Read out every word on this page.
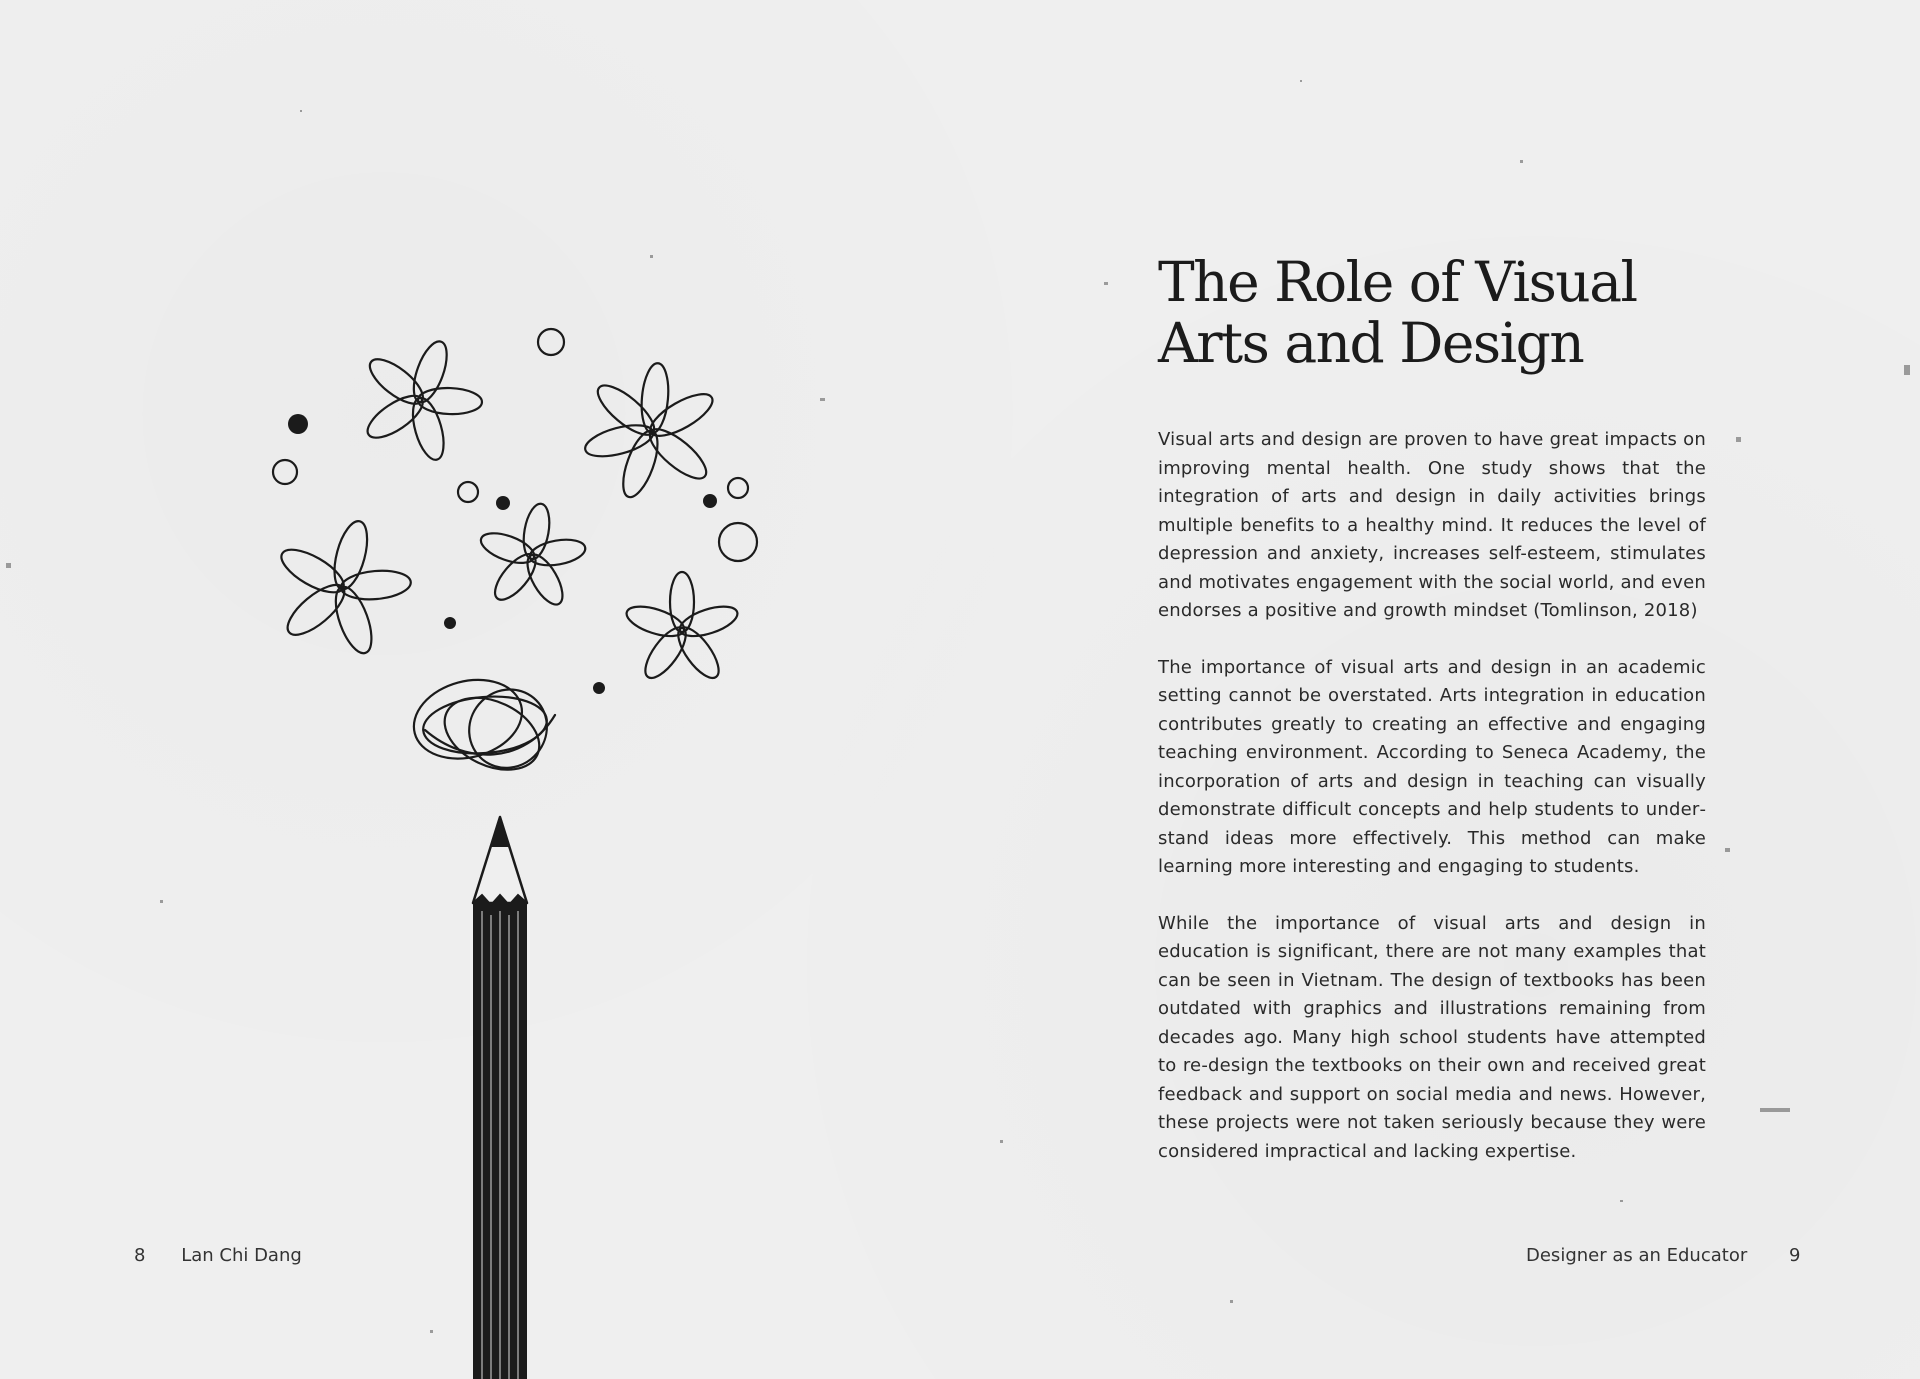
The Role of Visual Arts and Design

Visual arts and design are proven to have great impacts on improving mental health. One study shows that the integration of arts and design in daily activities brings multiple benefits to a healthy mind. It reduces the level of depression and anxiety, increases self-esteem, stimulates and motivates engagement with the social world, and even endorses a positive and growth mindset (Tomlinson, 2018)

The importance of visual arts and design in an academic setting cannot be overstated. Arts integration in education contributes greatly to creating an effective and engaging teaching environment. According to Seneca Academy, the incorporation of arts and design in teaching can visually demonstrate difficult concepts and help students to understand ideas more effectively. This method can make learning more interesting and engaging to students.

While the importance of visual arts and design in education is significant, there are not many examples that can be seen in Vietnam. The design of textbooks has been outdated with graphics and illustrations remaining from decades ago. Many high school students have attempted to re-design the textbooks on their own and received great feedback and support on social media and news. However, these projects were not taken seriously because they were considered impractical and lacking expertise.

8 Lan Chi Dang	Designer as an Educator 9
